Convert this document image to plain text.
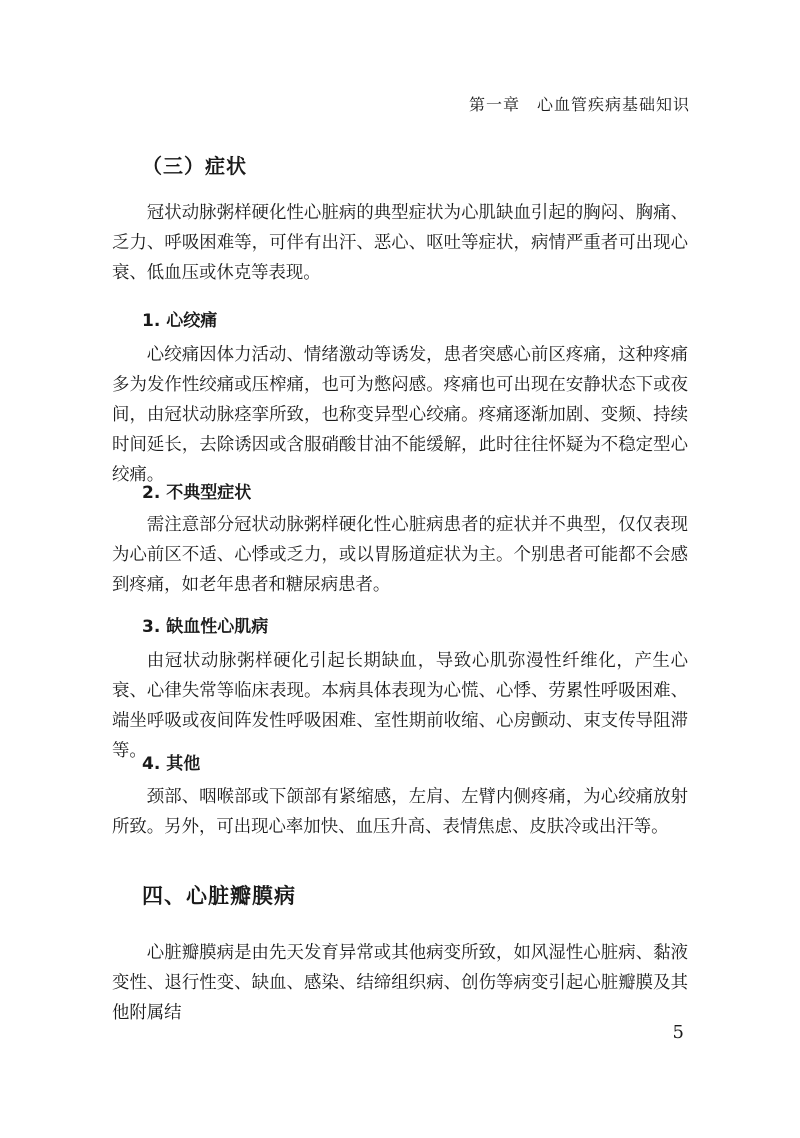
第一章　心血管疾病基础知识
（三）症状

冠状动脉粥样硬化性心脏病的典型症状为心肌缺血引起的胸闷、胸痛、乏力、呼吸困难等，可伴有出汗、恶心、呕吐等症状，病情严重者可出现心衰、低血压或休克等表现。

1. 心绞痛

心绞痛因体力活动、情绪激动等诱发，患者突感心前区疼痛，这种疼痛多为发作性绞痛或压榨痛，也可为憋闷感。疼痛也可出现在安静状态下或夜间，由冠状动脉痉挛所致，也称变异型心绞痛。疼痛逐渐加剧、变频、持续时间延长，去除诱因或含服硝酸甘油不能缓解，此时往往怀疑为不稳定型心绞痛。

2. 不典型症状

需注意部分冠状动脉粥样硬化性心脏病患者的症状并不典型，仅仅表现为心前区不适、心悸或乏力，或以胃肠道症状为主。个别患者可能都不会感到疼痛，如老年患者和糖尿病患者。

3. 缺血性心肌病

由冠状动脉粥样硬化引起长期缺血，导致心肌弥漫性纤维化，产生心衰、心律失常等临床表现。本病具体表现为心慌、心悸、劳累性呼吸困难、端坐呼吸或夜间阵发性呼吸困难、室性期前收缩、心房颤动、束支传导阻滞等。

4. 其他

颈部、咽喉部或下颌部有紧缩感，左肩、左臂内侧疼痛，为心绞痛放射所致。另外，可出现心率加快、血压升高、表情焦虑、皮肤冷或出汗等。

四、心脏瓣膜病

心脏瓣膜病是由先天发育异常或其他病变所致，如风湿性心脏病、黏液变性、退行性变、缺血、感染、结缔组织病、创伤等病变引起心脏瓣膜及其他附属结

5
